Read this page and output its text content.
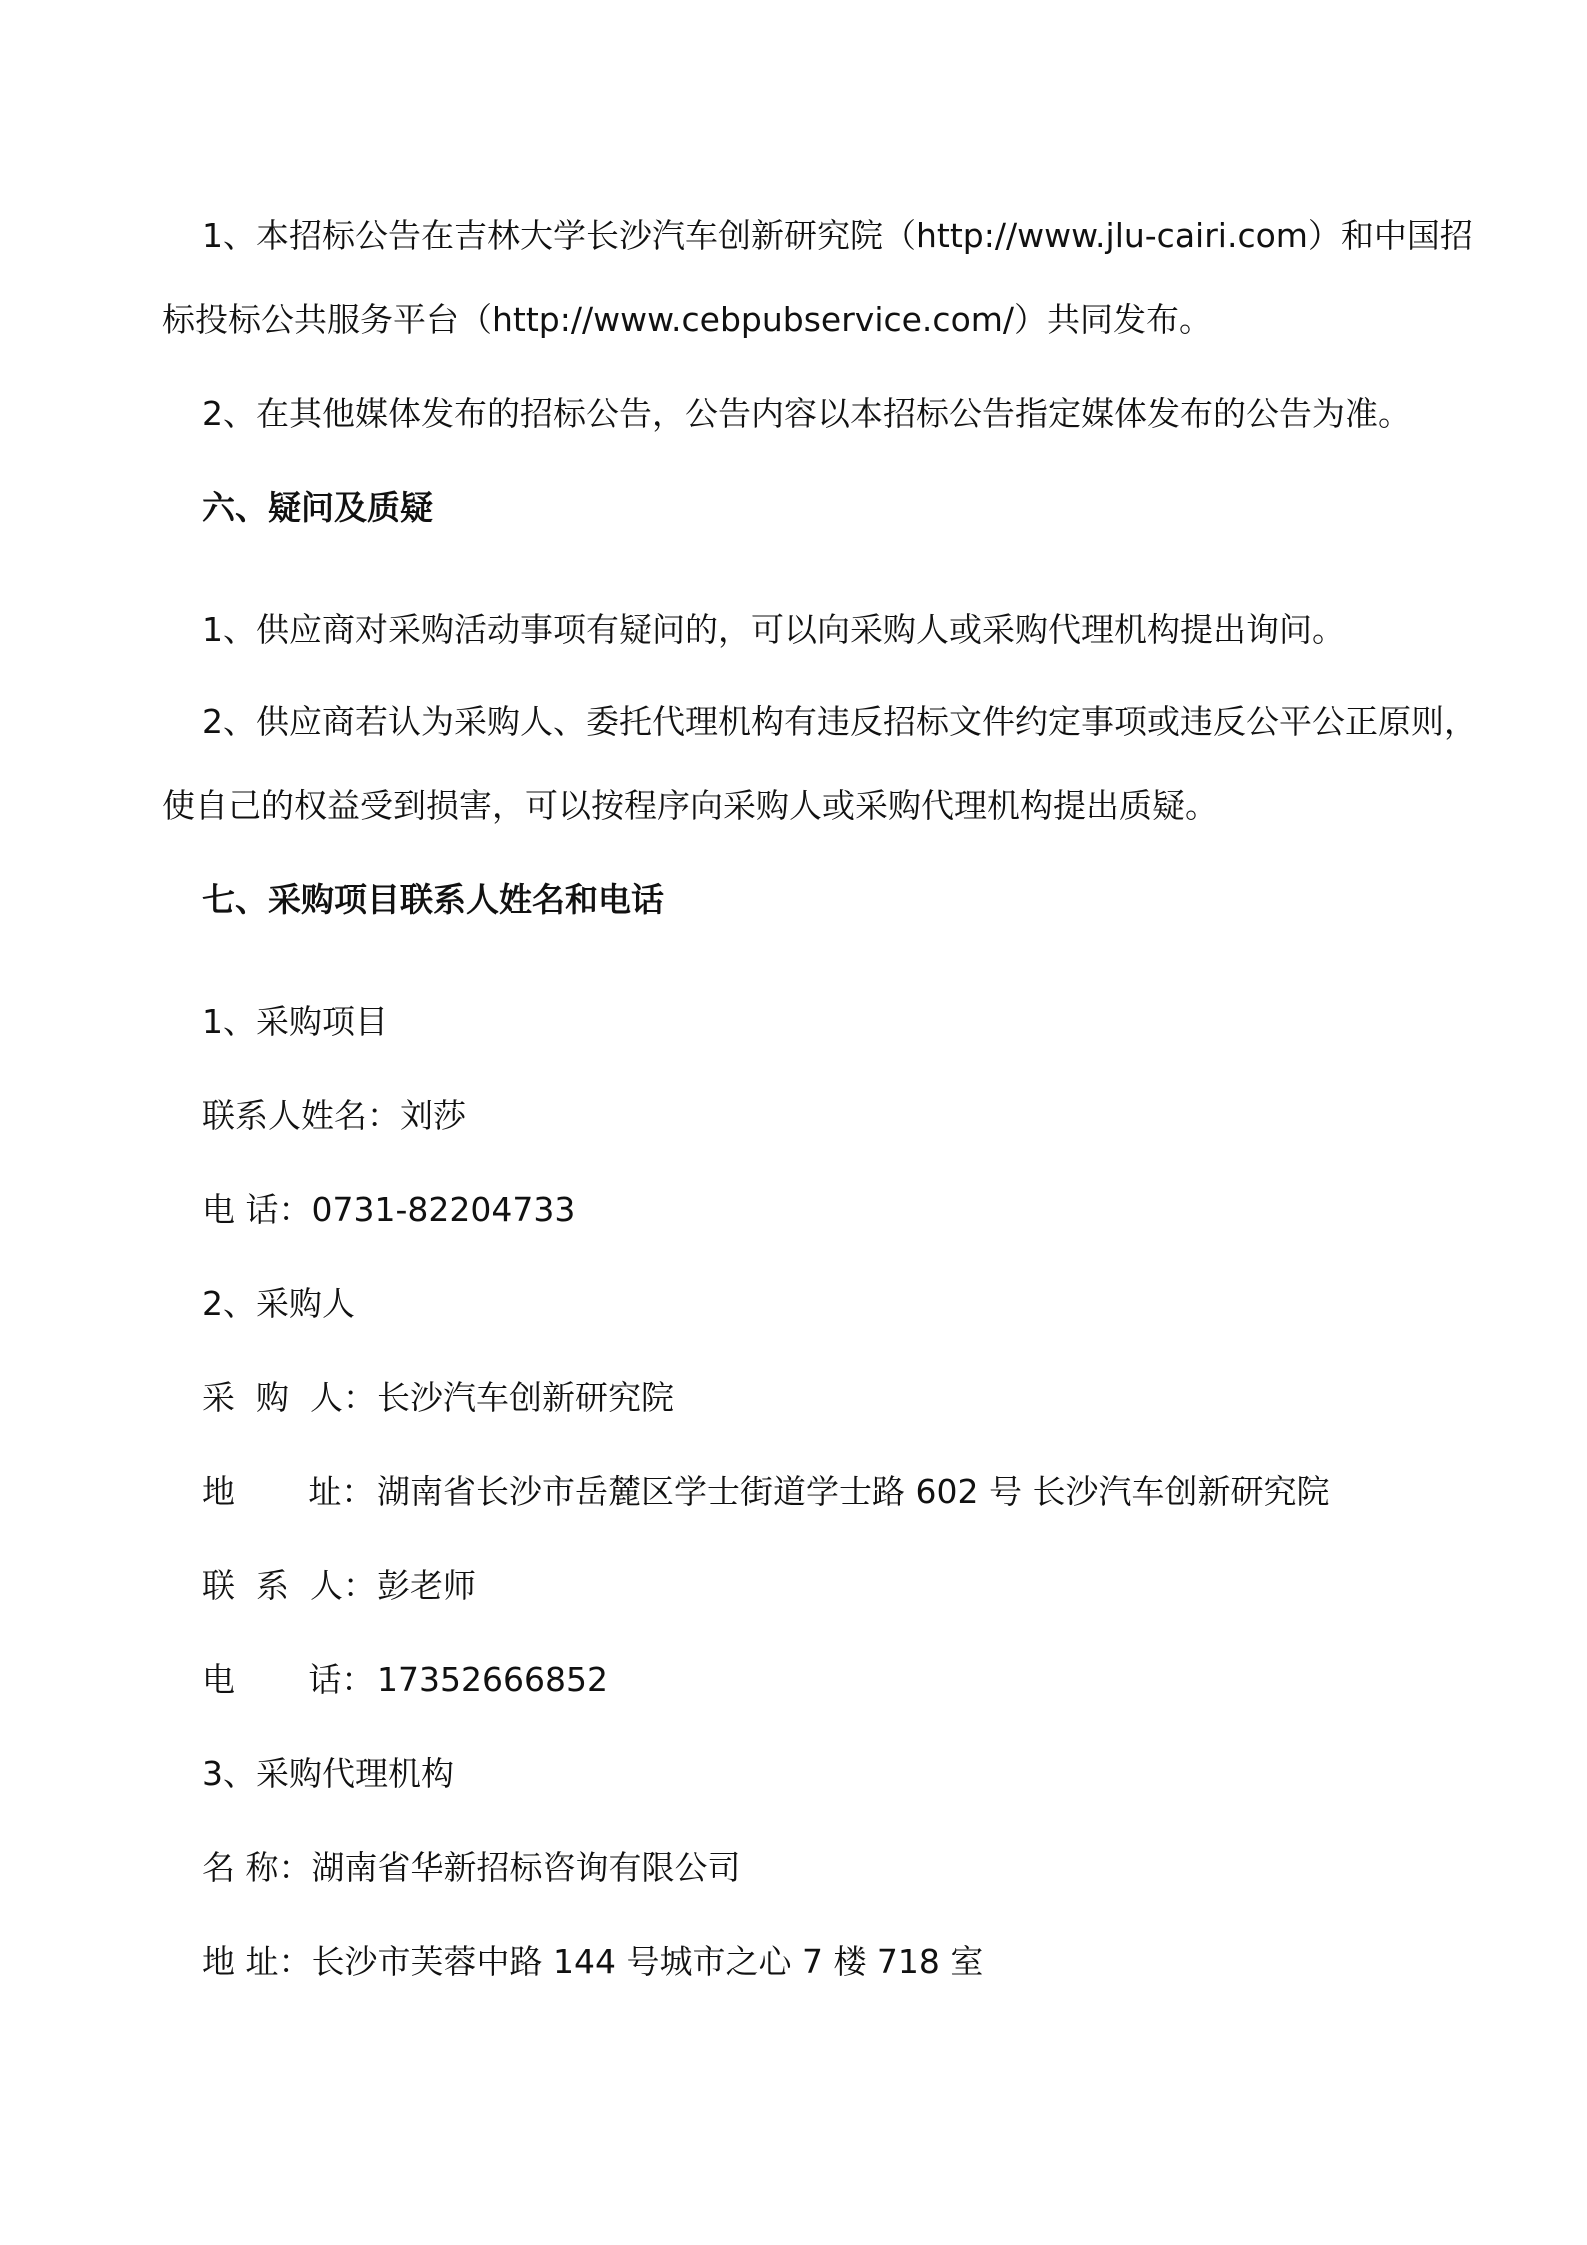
1、本招标公告在吉林大学长沙汽车创新研究院（http://www.jlu-cairi.com）和中国招
标投标公共服务平台（http://www.cebpubservice.com/）共同发布。
2、在其他媒体发布的招标公告，公告内容以本招标公告指定媒体发布的公告为准。
六、疑问及质疑
1、供应商对采购活动事项有疑问的，可以向采购人或采购代理机构提出询问。
2、供应商若认为采购人、委托代理机构有违反招标文件约定事项或违反公平公正原则，
使自己的权益受到损害，可以按程序向采购人或采购代理机构提出质疑。
七、采购项目联系人姓名和电话
1、采购项目
联系人姓名：刘莎
电 话：0731-82204733
2、采购人
采  购  人：长沙汽车创新研究院
地       址：湖南省长沙市岳麓区学士街道学士路 602 号 长沙汽车创新研究院
联  系  人：彭老师
电       话：17352666852
3、采购代理机构
名 称：湖南省华新招标咨询有限公司
地 址：长沙市芙蓉中路 144 号城市之心 7 楼 718 室
